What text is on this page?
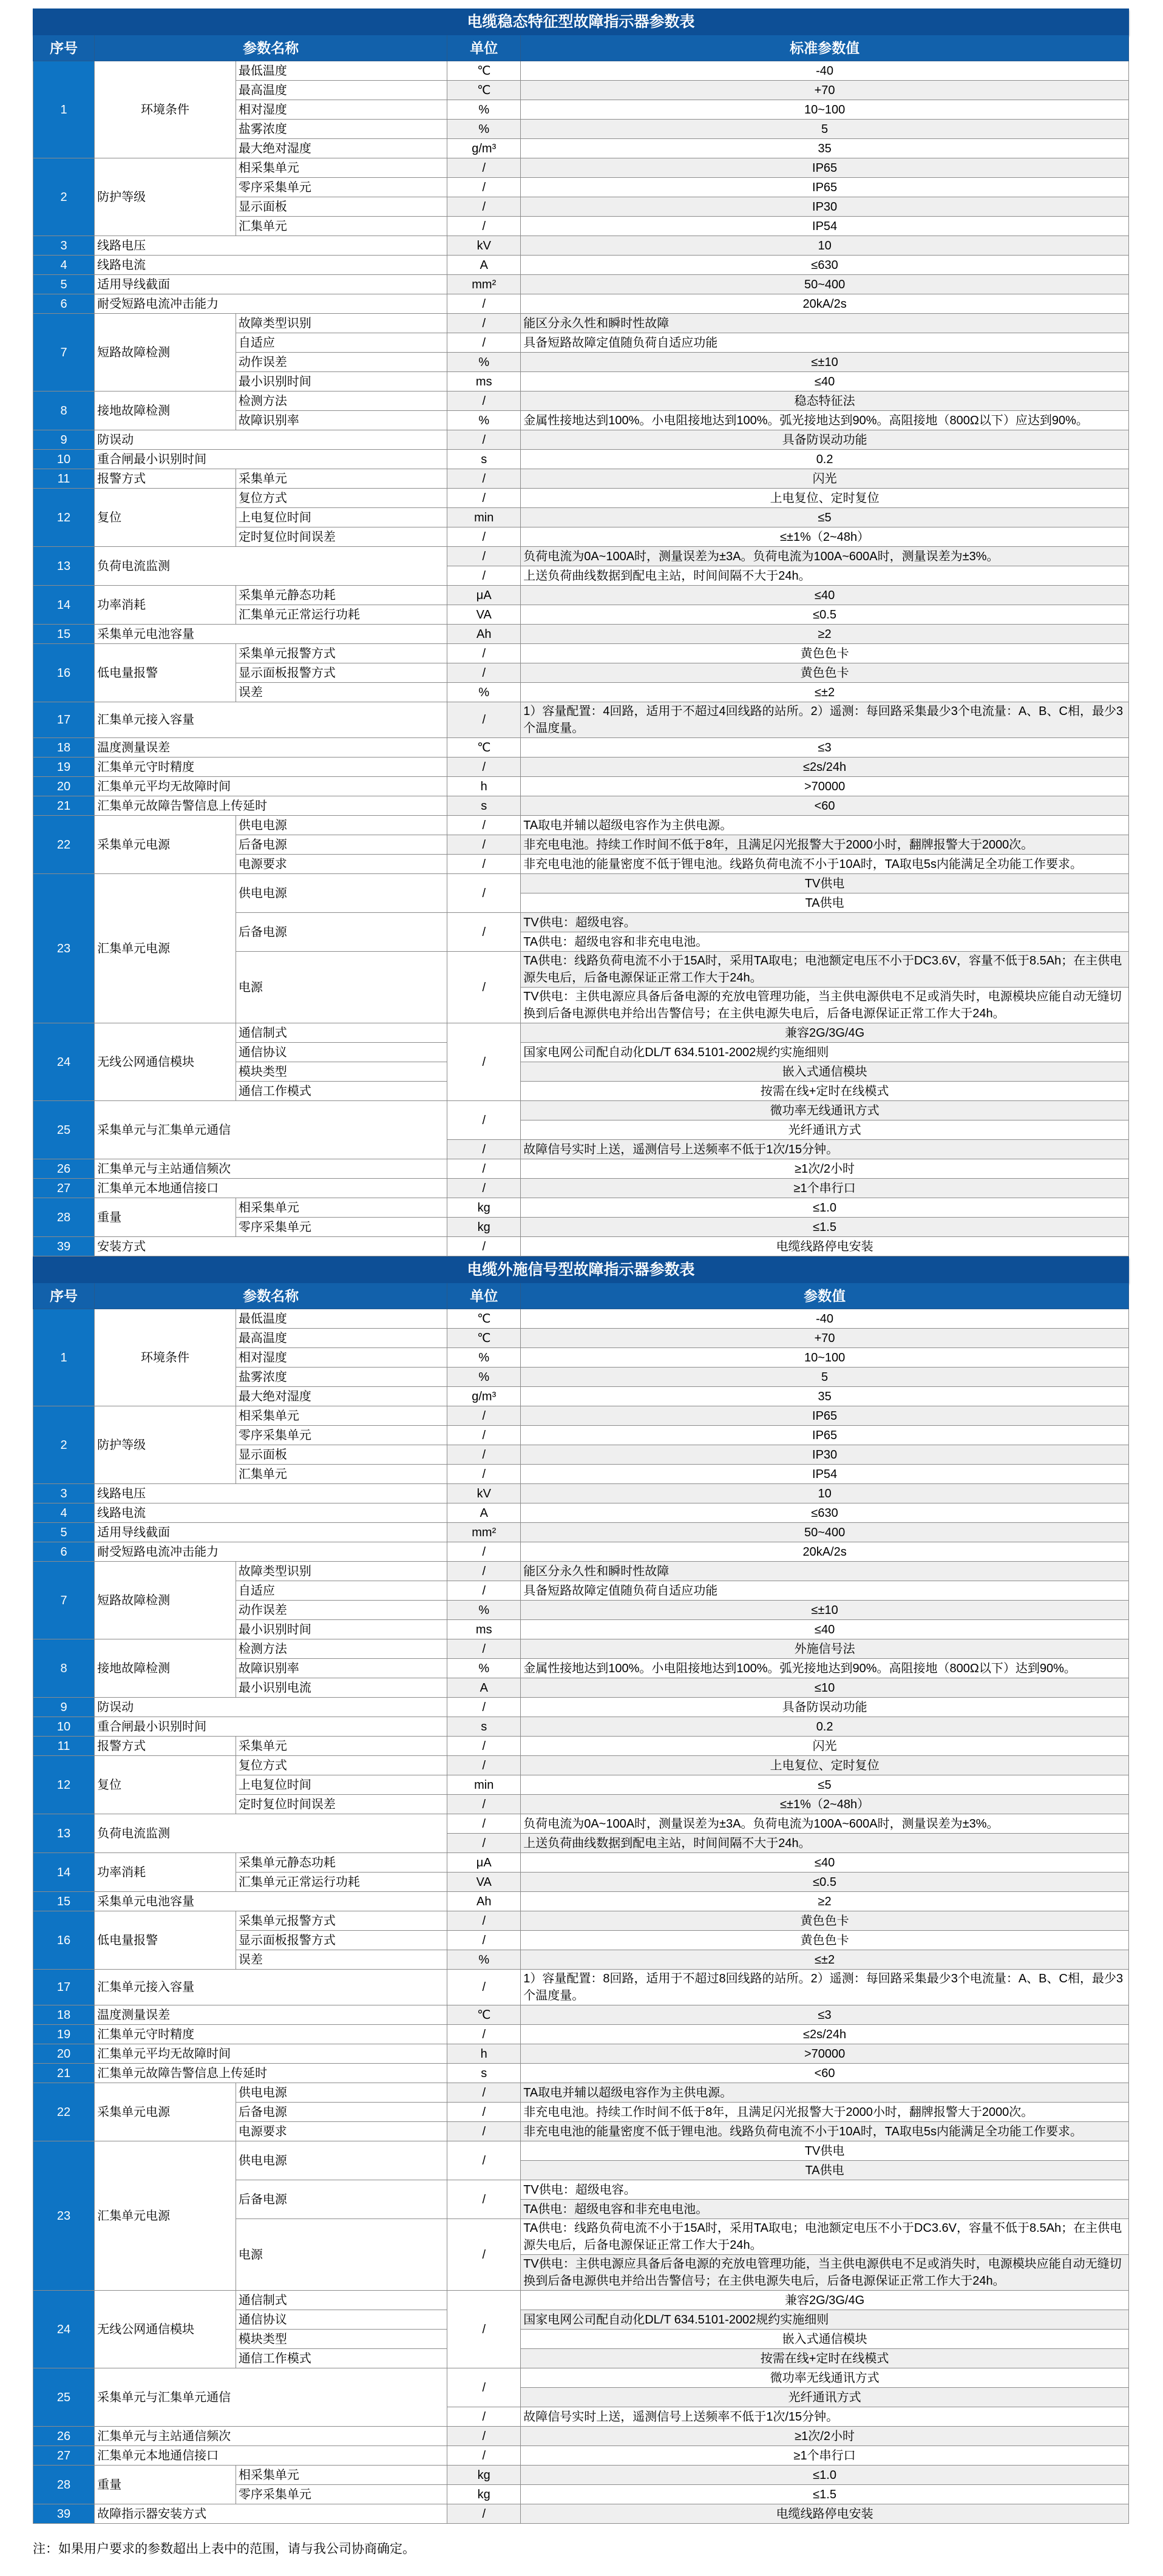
电缆稳态特征型故障指示器参数表				
序号	参数名称		单位	标准参数值
1	环境条件	最低温度	℃	-40
		最高温度	℃	+70
		相对湿度	%	10~100
		盐雾浓度	%	5
		最大绝对湿度	g/m³	35
2	防护等级	相采集单元	/	IP65
		零序采集单元	/	IP65
		显示面板	/	IP30
		汇集单元	/	IP54
3	线路电压		kV	10
4	线路电流		A	≤630
5	适用导线截面		mm²	50~400
6	耐受短路电流冲击能力		/	20kA/2s
7	短路故障检测	故障类型识别	/	能区分永久性和瞬时性故障
		自适应	/	具备短路故障定值随负荷自适应功能
		动作误差	%	≤±10
		最小识别时间	ms	≤40
8	接地故障检测	检测方法	/	稳态特征法
		故障识别率	%	金属性接地达到100%。小电阻接地达到100%。弧光接地达到90%。高阻接地（800Ω以下）应达到90%。
9	防误动		/	具备防误动功能
10	重合闸最小识别时间		s	0.2
11	报警方式	采集单元	/	闪光
12	复位	复位方式	/	上电复位、定时复位
		上电复位时间	min	≤5
		定时复位时间误差	/	≤±1%（2~48h）
13	负荷电流监测		/	负荷电流为0A~100A时，测量误差为±3A。负荷电流为100A~600A时，测量误差为±3%。
			/	上送负荷曲线数据到配电主站，时间间隔不大于24h。
14	功率消耗	采集单元静态功耗	μA	≤40
		汇集单元正常运行功耗	VA	≤0.5
15	采集单元电池容量		Ah	≥2
16	低电量报警	采集单元报警方式	/	黄色色卡
		显示面板报警方式	/	黄色色卡
		误差	%	≤±2
17	汇集单元接入容量		/	1）容量配置：4回路，适用于不超过4回线路的站所。2）遥测：每回路采集最少3个电流量：A、B、C相，最少3个温度量。
18	温度测量误差		℃	≤3
19	汇集单元守时精度		/	≤2s/24h
20	汇集单元平均无故障时间		h	>70000
21	汇集单元故障告警信息上传延时		s	<60
22	采集单元电源	供电电源	/	TA取电并辅以超级电容作为主供电源。
		后备电源	/	非充电电池。持续工作时间不低于8年，且满足闪光报警大于2000小时，翻牌报警大于2000次。
		电源要求	/	非充电电池的能量密度不低于锂电池。线路负荷电流不小于10A时，TA取电5s内能满足全功能工作要求。
23	汇集单元电源	供电电源	/	TV供电
				TA供电
		后备电源	/	TV供电：超级电容。
				TA供电：超级电容和非充电电池。
		电源	/	TA供电：线路负荷电流不小于15A时，采用TA取电；电池额定电压不小于DC3.6V，容量不低于8.5Ah；在主供电源失电后，后备电源保证正常工作大于24h。
				TV供电：主供电源应具备后备电源的充放电管理功能，当主供电源供电不足或消失时，电源模块应能自动无缝切换到后备电源供电并给出告警信号；在主供电源失电后，后备电源保证正常工作大于24h。
24	无线公网通信模块	通信制式	/	兼容2G/3G/4G
		通信协议		国家电网公司配自动化DL/T 634.5101-2002规约实施细则
		模块类型		嵌入式通信模块
		通信工作模式		按需在线+定时在线模式
25	采集单元与汇集单元通信		/	微功率无线通讯方式
				光纤通讯方式
			/	故障信号实时上送，遥测信号上送频率不低于1次/15分钟。
26	汇集单元与主站通信频次		/	≥1次/2小时
27	汇集单元本地通信接口		/	≥1个串行口
28	重量	相采集单元	kg	≤1.0
		零序采集单元	kg	≤1.5
39	安装方式		/	电缆线路停电安装
电缆外施信号型故障指示器参数表				
序号	参数名称		单位	参数值
1	环境条件	最低温度	℃	-40
		最高温度	℃	+70
		相对湿度	%	10~100
		盐雾浓度	%	5
		最大绝对湿度	g/m³	35
2	防护等级	相采集单元	/	IP65
		零序采集单元	/	IP65
		显示面板	/	IP30
		汇集单元	/	IP54
3	线路电压		kV	10
4	线路电流		A	≤630
5	适用导线截面		mm²	50~400
6	耐受短路电流冲击能力		/	20kA/2s
7	短路故障检测	故障类型识别	/	能区分永久性和瞬时性故障
		自适应	/	具备短路故障定值随负荷自适应功能
		动作误差	%	≤±10
		最小识别时间	ms	≤40
8	接地故障检测	检测方法	/	外施信号法
		故障识别率	%	金属性接地达到100%。小电阻接地达到100%。弧光接地达到90%。高阻接地（800Ω以下）达到90%。
		最小识别电流	A	≤10
9	防误动		/	具备防误动功能
10	重合闸最小识别时间		s	0.2
11	报警方式	采集单元	/	闪光
12	复位	复位方式	/	上电复位、定时复位
		上电复位时间	min	≤5
		定时复位时间误差	/	≤±1%（2~48h）
13	负荷电流监测		/	负荷电流为0A~100A时，测量误差为±3A。负荷电流为100A~600A时，测量误差为±3%。
			/	上送负荷曲线数据到配电主站，时间间隔不大于24h。
14	功率消耗	采集单元静态功耗	μA	≤40
		汇集单元正常运行功耗	VA	≤0.5
15	采集单元电池容量		Ah	≥2
16	低电量报警	采集单元报警方式	/	黄色色卡
		显示面板报警方式	/	黄色色卡
		误差	%	≤±2
17	汇集单元接入容量		/	1）容量配置：8回路，适用于不超过8回线路的站所。2）遥测：每回路采集最少3个电流量：A、B、C相，最少3个温度量。
18	温度测量误差		℃	≤3
19	汇集单元守时精度		/	≤2s/24h
20	汇集单元平均无故障时间		h	>70000
21	汇集单元故障告警信息上传延时		s	<60
22	采集单元电源	供电电源	/	TA取电并辅以超级电容作为主供电源。
		后备电源	/	非充电电池。持续工作时间不低于8年，且满足闪光报警大于2000小时，翻牌报警大于2000次。
		电源要求	/	非充电电池的能量密度不低于锂电池。线路负荷电流不小于10A时，TA取电5s内能满足全功能工作要求。
23	汇集单元电源	供电电源	/	TV供电
				TA供电
		后备电源	/	TV供电：超级电容。
				TA供电：超级电容和非充电电池。
		电源	/	TA供电：线路负荷电流不小于15A时，采用TA取电；电池额定电压不小于DC3.6V，容量不低于8.5Ah；在主供电源失电后，后备电源保证正常工作大于24h。
				TV供电：主供电源应具备后备电源的充放电管理功能，当主供电源供电不足或消失时，电源模块应能自动无缝切换到后备电源供电并给出告警信号；在主供电源失电后，后备电源保证正常工作大于24h。
24	无线公网通信模块	通信制式	/	兼容2G/3G/4G
		通信协议		国家电网公司配自动化DL/T 634.5101-2002规约实施细则
		模块类型		嵌入式通信模块
		通信工作模式		按需在线+定时在线模式
25	采集单元与汇集单元通信		/	微功率无线通讯方式
				光纤通讯方式
			/	故障信号实时上送，遥测信号上送频率不低于1次/15分钟。
26	汇集单元与主站通信频次		/	≥1次/2小时
27	汇集单元本地通信接口		/	≥1个串行口
28	重量	相采集单元	kg	≤1.0
		零序采集单元	kg	≤1.5
39	故障指示器安装方式		/	电缆线路停电安装
注：如果用户要求的参数超出上表中的范围，请与我公司协商确定。
